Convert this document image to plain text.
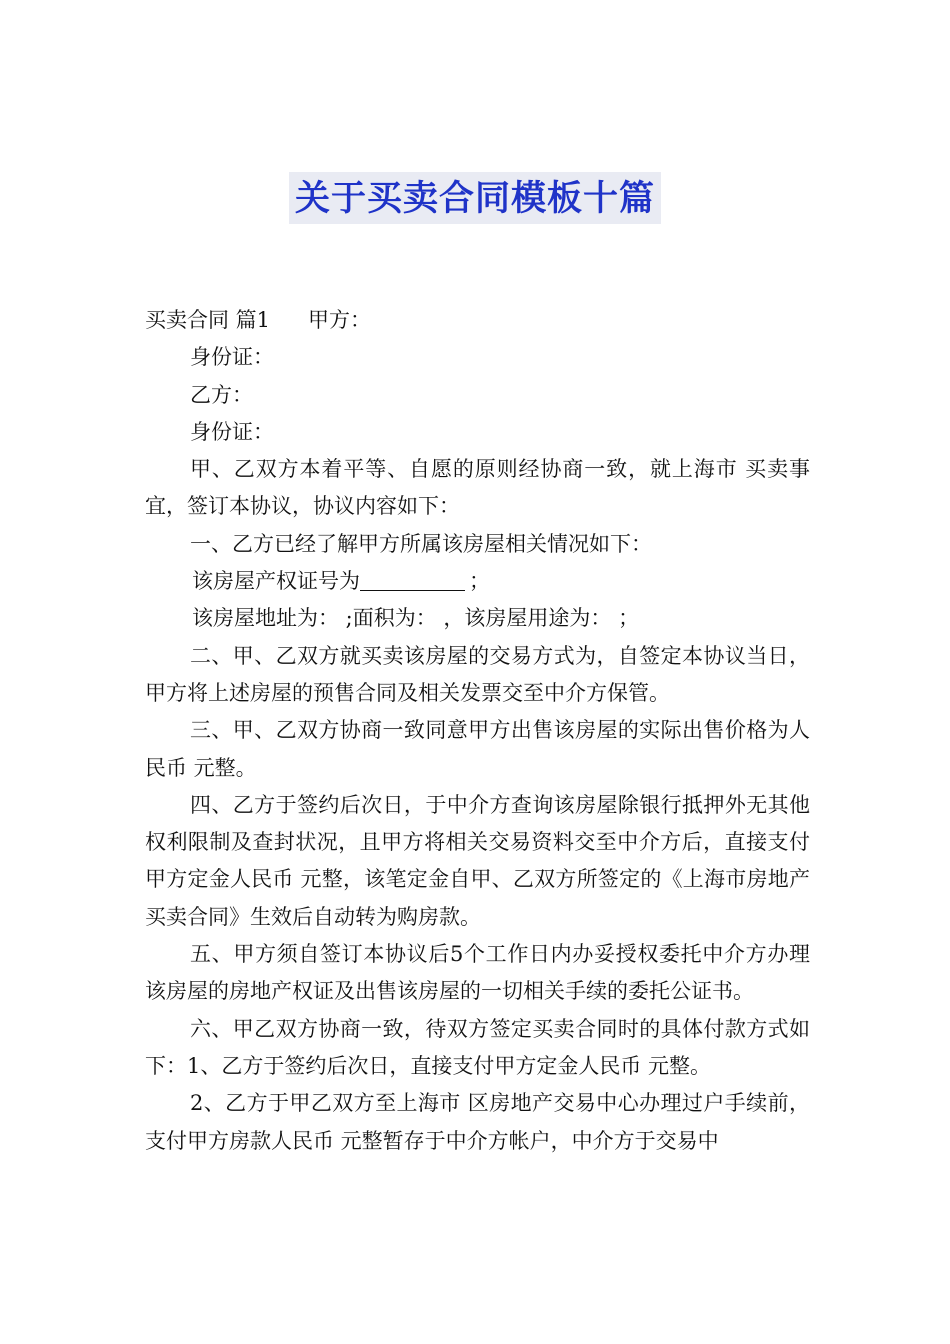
关于买卖合同模板十篇

买卖合同 篇1 甲方：

身份证：

乙方：

身份证：

甲、乙双方本着平等、自愿的原则经协商一致，就上海市 买卖事宜，签订本协议，协议内容如下：

一、乙方已经了解甲方所属该房屋相关情况如下：

该房屋产权证号为	；

该房屋地址为： ;面积为： ，该房屋用途为： ；

二、甲、乙双方就买卖该房屋的交易方式为，自签定本协议当日，甲方将上述房屋的预售合同及相关发票交至中介方保管。

三、甲、乙双方协商一致同意甲方出售该房屋的实际出售价格为人民币 元整。

四、乙方于签约后次日，于中介方查询该房屋除银行抵押外无其他权利限制及查封状况，且甲方将相关交易资料交至中介方后，直接支付甲方定金人民币 元整，该笔定金自甲、乙双方所签定的《上海市房地产买卖合同》生效后自动转为购房款。

五、甲方须自签订本协议后5个工作日内办妥授权委托中介方办理该房屋的房地产权证及出售该房屋的一切相关手续的委托公证书。

六、甲乙双方协商一致，待双方签定买卖合同时的具体付款方式如下：1、乙方于签约后次日，直接支付甲方定金人民币 元整。

2、乙方于甲乙双方至上海市 区房地产交易中心办理过户手续前，支付甲方房款人民币 元整暂存于中介方帐户，中介方于交易中
